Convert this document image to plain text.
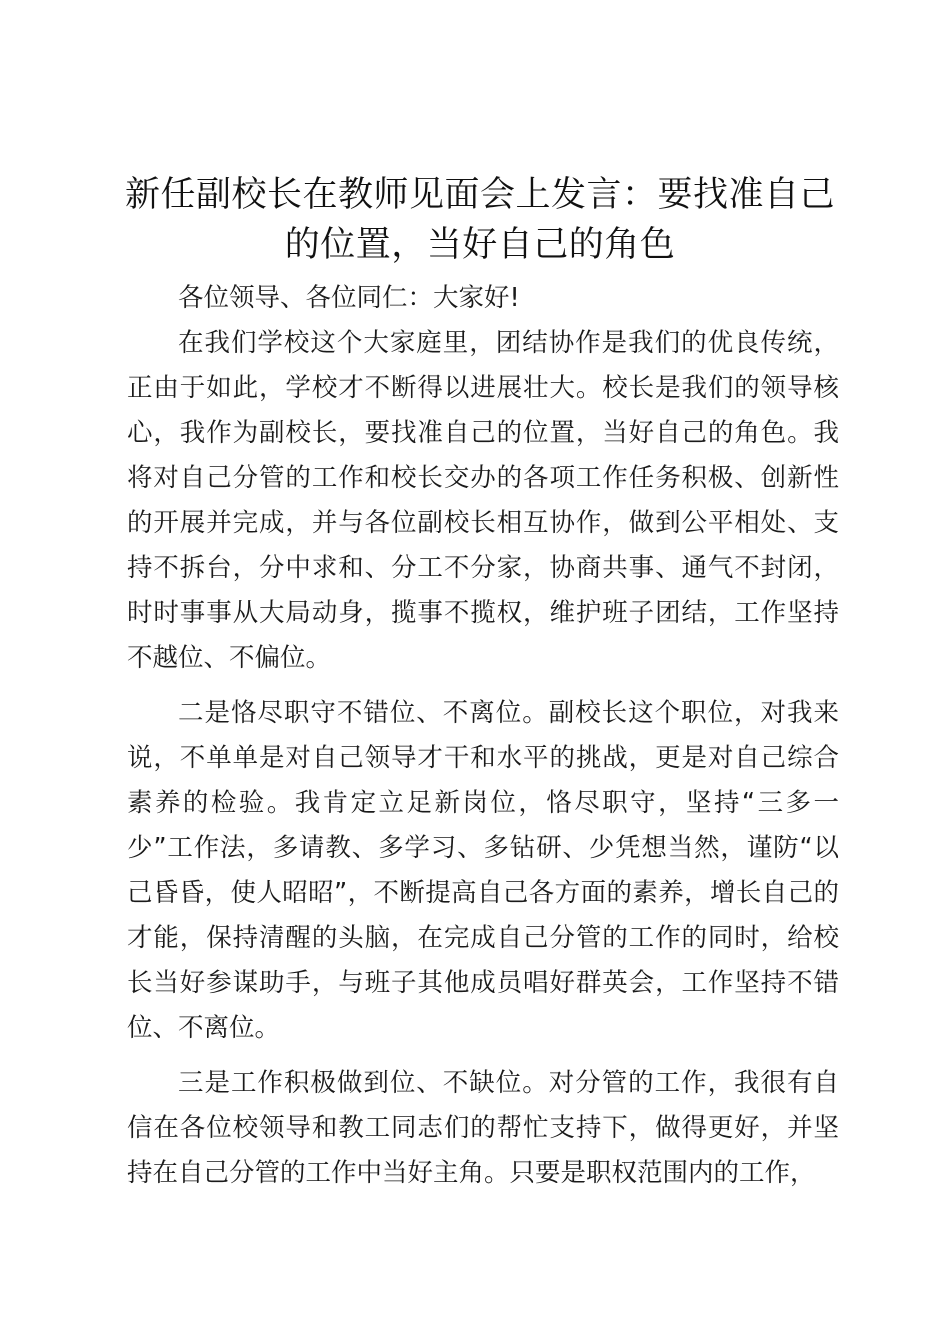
新任副校长在教师见面会上发言：要找准自己的位置，当好自己的角色

各位领导、各位同仁：大家好!

在我们学校这个大家庭里，团结协作是我们的优良传统，正由于如此，学校才不断得以进展壮大。校长是我们的领导核心，我作为副校长，要找准自己的位置，当好自己的角色。我将对自己分管的工作和校长交办的各项工作任务积极、创新性的开展并完成，并与各位副校长相互协作，做到公平相处、支持不拆台，分中求和、分工不分家，协商共事、通气不封闭，时时事事从大局动身，揽事不揽权，维护班子团结，工作坚持不越位、不偏位。

二是恪尽职守不错位、不离位。副校长这个职位，对我来说，不单单是对自己领导才干和水平的挑战，更是对自己综合素养的检验。我肯定立足新岗位，恪尽职守，坚持“三多一少”工作法，多请教、多学习、多钻研、少凭想当然，谨防“以己昏昏，使人昭昭”，不断提高自己各方面的素养，增长自己的才能，保持清醒的头脑，在完成自己分管的工作的同时，给校长当好参谋助手，与班子其他成员唱好群英会，工作坚持不错位、不离位。

三是工作积极做到位、不缺位。对分管的工作，我很有自信在各位校领导和教工同志们的帮忙支持下，做得更好，并坚持在自己分管的工作中当好主角。只要是职权范围内的工作，
